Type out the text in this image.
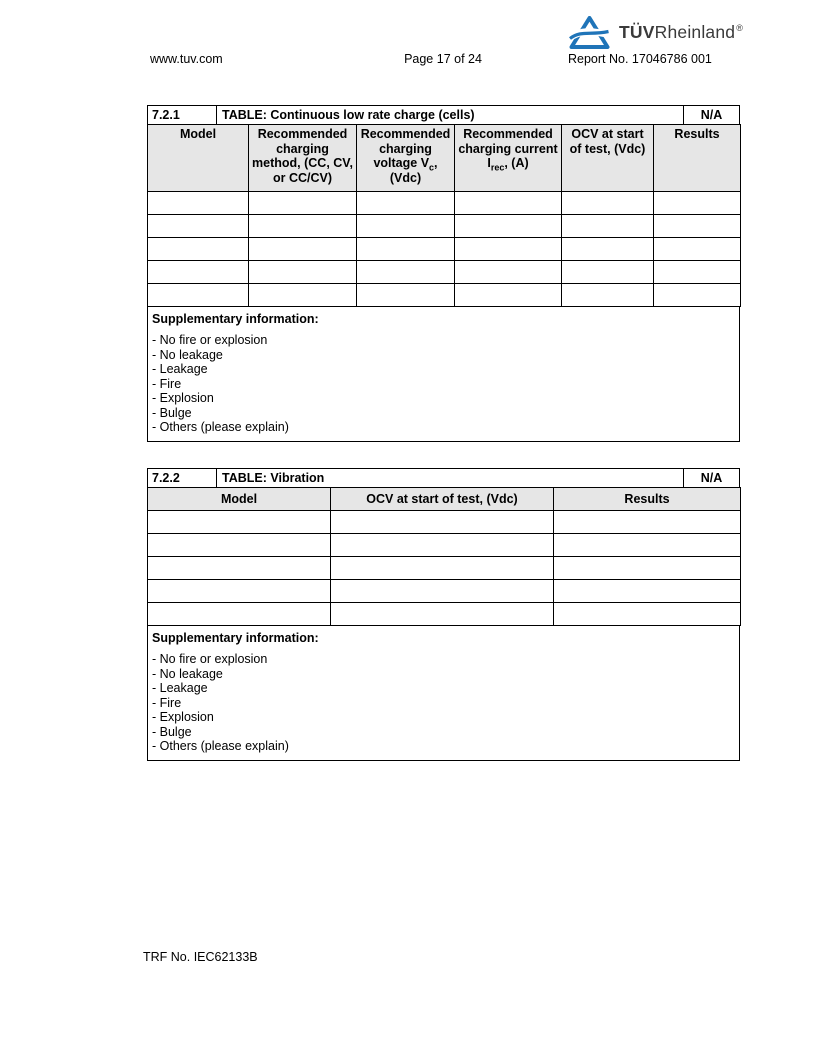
TÜVRheinland®
www.tuv.com	Page 17 of 24	Report No. 17046786 001
7.2.1	TABLE: Continuous low rate charge (cells)	N/A
Model	Recommended charging method, (CC, CV, or CC/CV)	Recommended charging voltage $V_c$, (Vdc)	Recommended charging current $I_{rec}$, (A)	OCV at start of test, (Vdc)	Results

Supplementary information:
- No fire or explosion
- No leakage
- Leakage
- Fire
- Explosion
- Bulge
- Others (please explain)
7.2.2	TABLE: Vibration	N/A
Model	OCV at start of test, (Vdc)	Results

Supplementary information:
- No fire or explosion
- No leakage
- Leakage
- Fire
- Explosion
- Bulge
- Others (please explain)
TRF No. IEC62133B
